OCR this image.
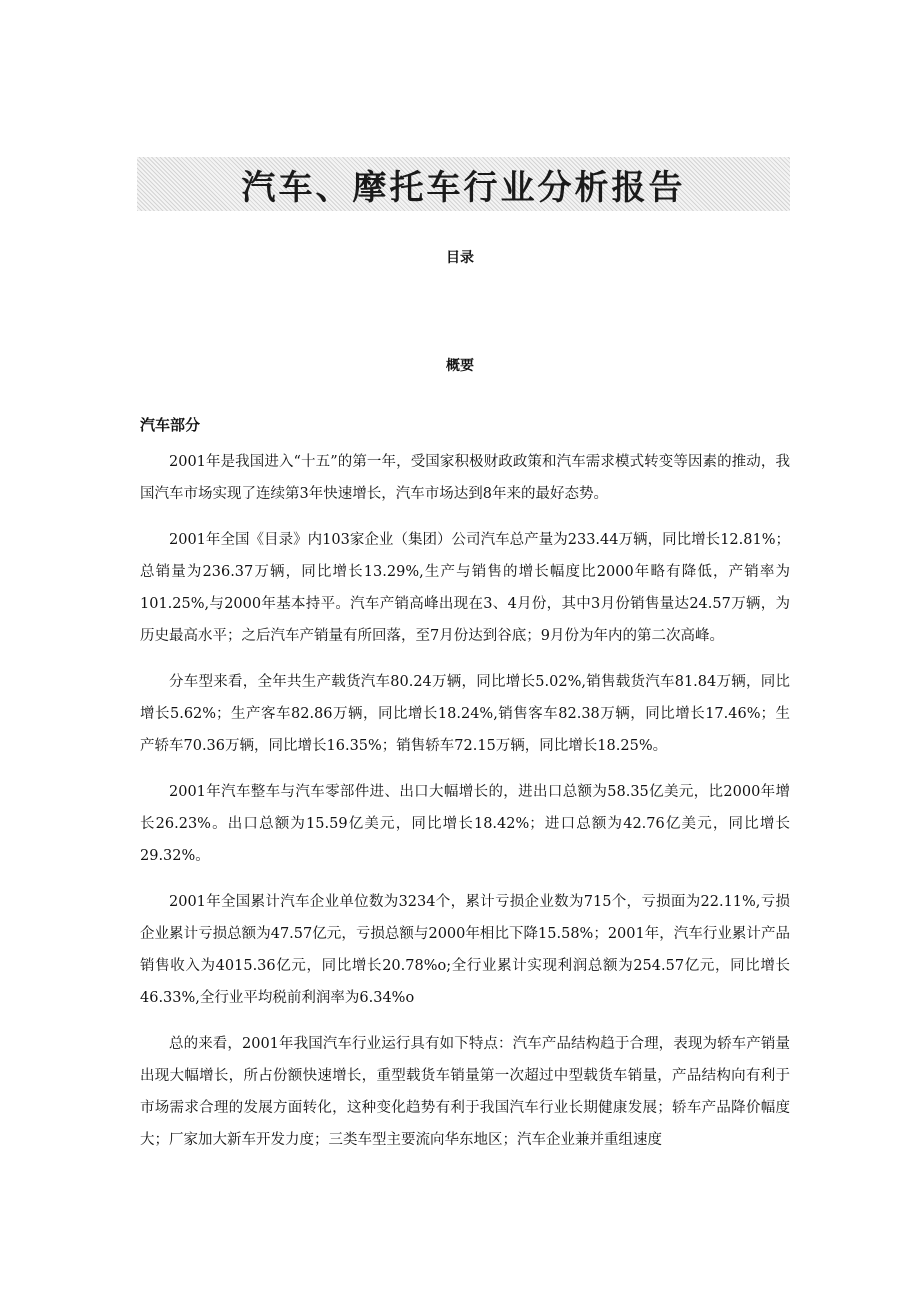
汽车、摩托车行业分析报告
目录
概要
汽车部分

2001年是我国进入“十五”的第一年，受国家积极财政政策和汽车需求模式转变等因素的推动，我国汽车市场实现了连续第3年快速增长，汽车市场达到8年来的最好态势。

2001年全国《目录》内103家企业（集团）公司汽车总产量为233.44万辆，同比增长12.81%；总销量为236.37万辆，同比增长13.29%,生产与销售的增长幅度比2000年略有降低，产销率为101.25%,与2000年基本持平。汽车产销高峰出现在3、4月份，其中3月份销售量达24.57万辆，为历史最高水平；之后汽车产销量有所回落，至7月份达到谷底；9月份为年内的第二次高峰。

分车型来看，全年共生产载货汽车80.24万辆，同比增长5.02%,销售载货汽车81.84万辆，同比增长5.62%；生产客车82.86万辆，同比增长18.24%,销售客车82.38万辆，同比增长17.46%；生产轿车70.36万辆，同比增长16.35%；销售轿车72.15万辆，同比增长18.25%。

2001年汽车整车与汽车零部件进、出口大幅增长的，进出口总额为58.35亿美元，比2000年增长26.23%。出口总额为15.59亿美元，同比增长18.42%；进口总额为42.76亿美元，同比增长29.32%。

2001年全国累计汽车企业单位数为3234个，累计亏损企业数为715个，亏损面为22.11%,亏损企业累计亏损总额为47.57亿元，亏损总额与2000年相比下降15.58%；2001年，汽车行业累计产品销售收入为4015.36亿元，同比增长20.78%o;全行业累计实现利润总额为254.57亿元，同比增长46.33%,全行业平均税前利润率为6.34%o

总的来看，2001年我国汽车行业运行具有如下特点：汽车产品结构趋于合理，表现为轿车产销量出现大幅增长，所占份额快速增长，重型载货车销量第一次超过中型载货车销量，产品结构向有利于市场需求合理的发展方面转化，这种变化趋势有利于我国汽车行业长期健康发展；轿车产品降价幅度大；厂家加大新车开发力度；三类车型主要流向华东地区；汽车企业兼并重组速度
